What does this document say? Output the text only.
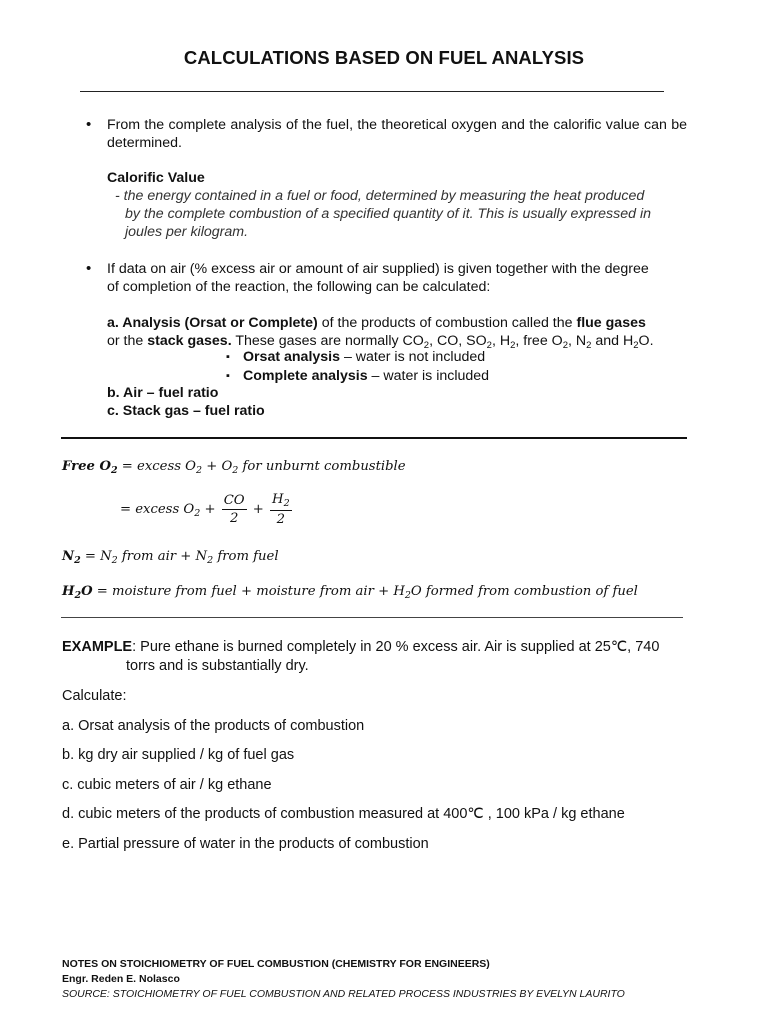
CALCULATIONS BASED ON FUEL ANALYSIS
• From the complete analysis of the fuel, the theoretical oxygen and the calorific value can be determined.
Calorific Value
- the energy contained in a fuel or food, determined by measuring the heat produced
by the complete combustion of a specified quantity of it. This is usually expressed in
joules per kilogram.
• If data on air (% excess air or amount of air supplied) is given together with the degree
of completion of the reaction, the following can be calculated:
a. Analysis (Orsat or Complete) of the products of combustion called the flue gases
or the stack gases. These gases are normally $CO_2$, CO, $SO_2$, $H_2$, free $O_2$, $N_2$ and $H_2O$.
▪ Orsat analysis – water is not included
▪ Complete analysis – water is included
b. Air – fuel ratio
c. Stack gas – fuel ratio
Free $O_2$ = excess $O_2 + O_2$ for unburnt combustible
= excess $O_2 + \frac{CO}{2} + \frac{H_2}{2}$
$N_2 = N_2$ from air + $N_2$ from fuel
$H_2O$ = moisture from fuel + moisture from air + $H_2O$ formed from combustion of fuel
EXAMPLE: Pure ethane is burned completely in 20 % excess air. Air is supplied at 25℃, 740
torrs and is substantially dry.
Calculate:
a. Orsat analysis of the products of combustion
b. kg dry air supplied / kg of fuel gas
c. cubic meters of air / kg ethane
d. cubic meters of the products of combustion measured at 400℃ , 100 kPa / kg ethane
e. Partial pressure of water in the products of combustion
NOTES ON STOICHIOMETRY OF FUEL COMBUSTION (CHEMISTRY FOR ENGINEERS)
Engr. Reden E. Nolasco
SOURCE: STOICHIOMETRY OF FUEL COMBUSTION AND RELATED PROCESS INDUSTRIES BY EVELYN LAURITO
